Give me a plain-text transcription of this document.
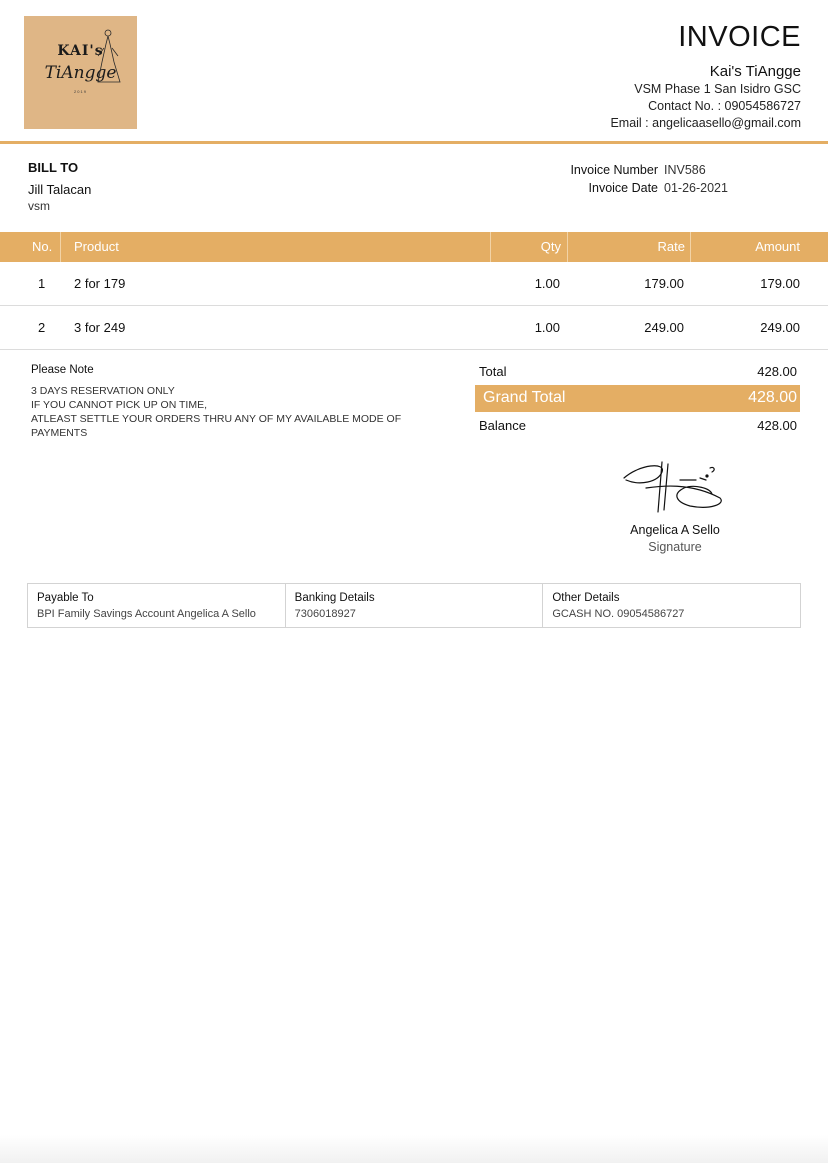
KAI's
TiAngge
2019
INVOICE
Kai's TiAngge
VSM Phase 1 San Isidro GSC
Contact No. : 09054586727
Email : angelicaasello@gmail.com
BILL TO
Jill Talacan
vsm
Invoice Number INV586
Invoice Date 01-26-2021
No. Product	Qty	Rate	Amount
1 2 for 179	1.00	179.00	179.00
2 3 for 249	1.00	249.00	249.00
Please Note
3 DAYS RESERVATION ONLY
IF YOU CANNOT PICK UP ON TIME,
ATLEAST SETTLE YOUR ORDERS THRU ANY OF MY AVAILABLE MODE OF PAYMENTS
Total	428.00
Grand Total	428.00
Balance	428.00
Angelica A Sello
Signature
Payable To
BPI Family Savings Account Angelica A Sello
Banking Details
7306018927
Other Details
GCASH NO. 09054586727
